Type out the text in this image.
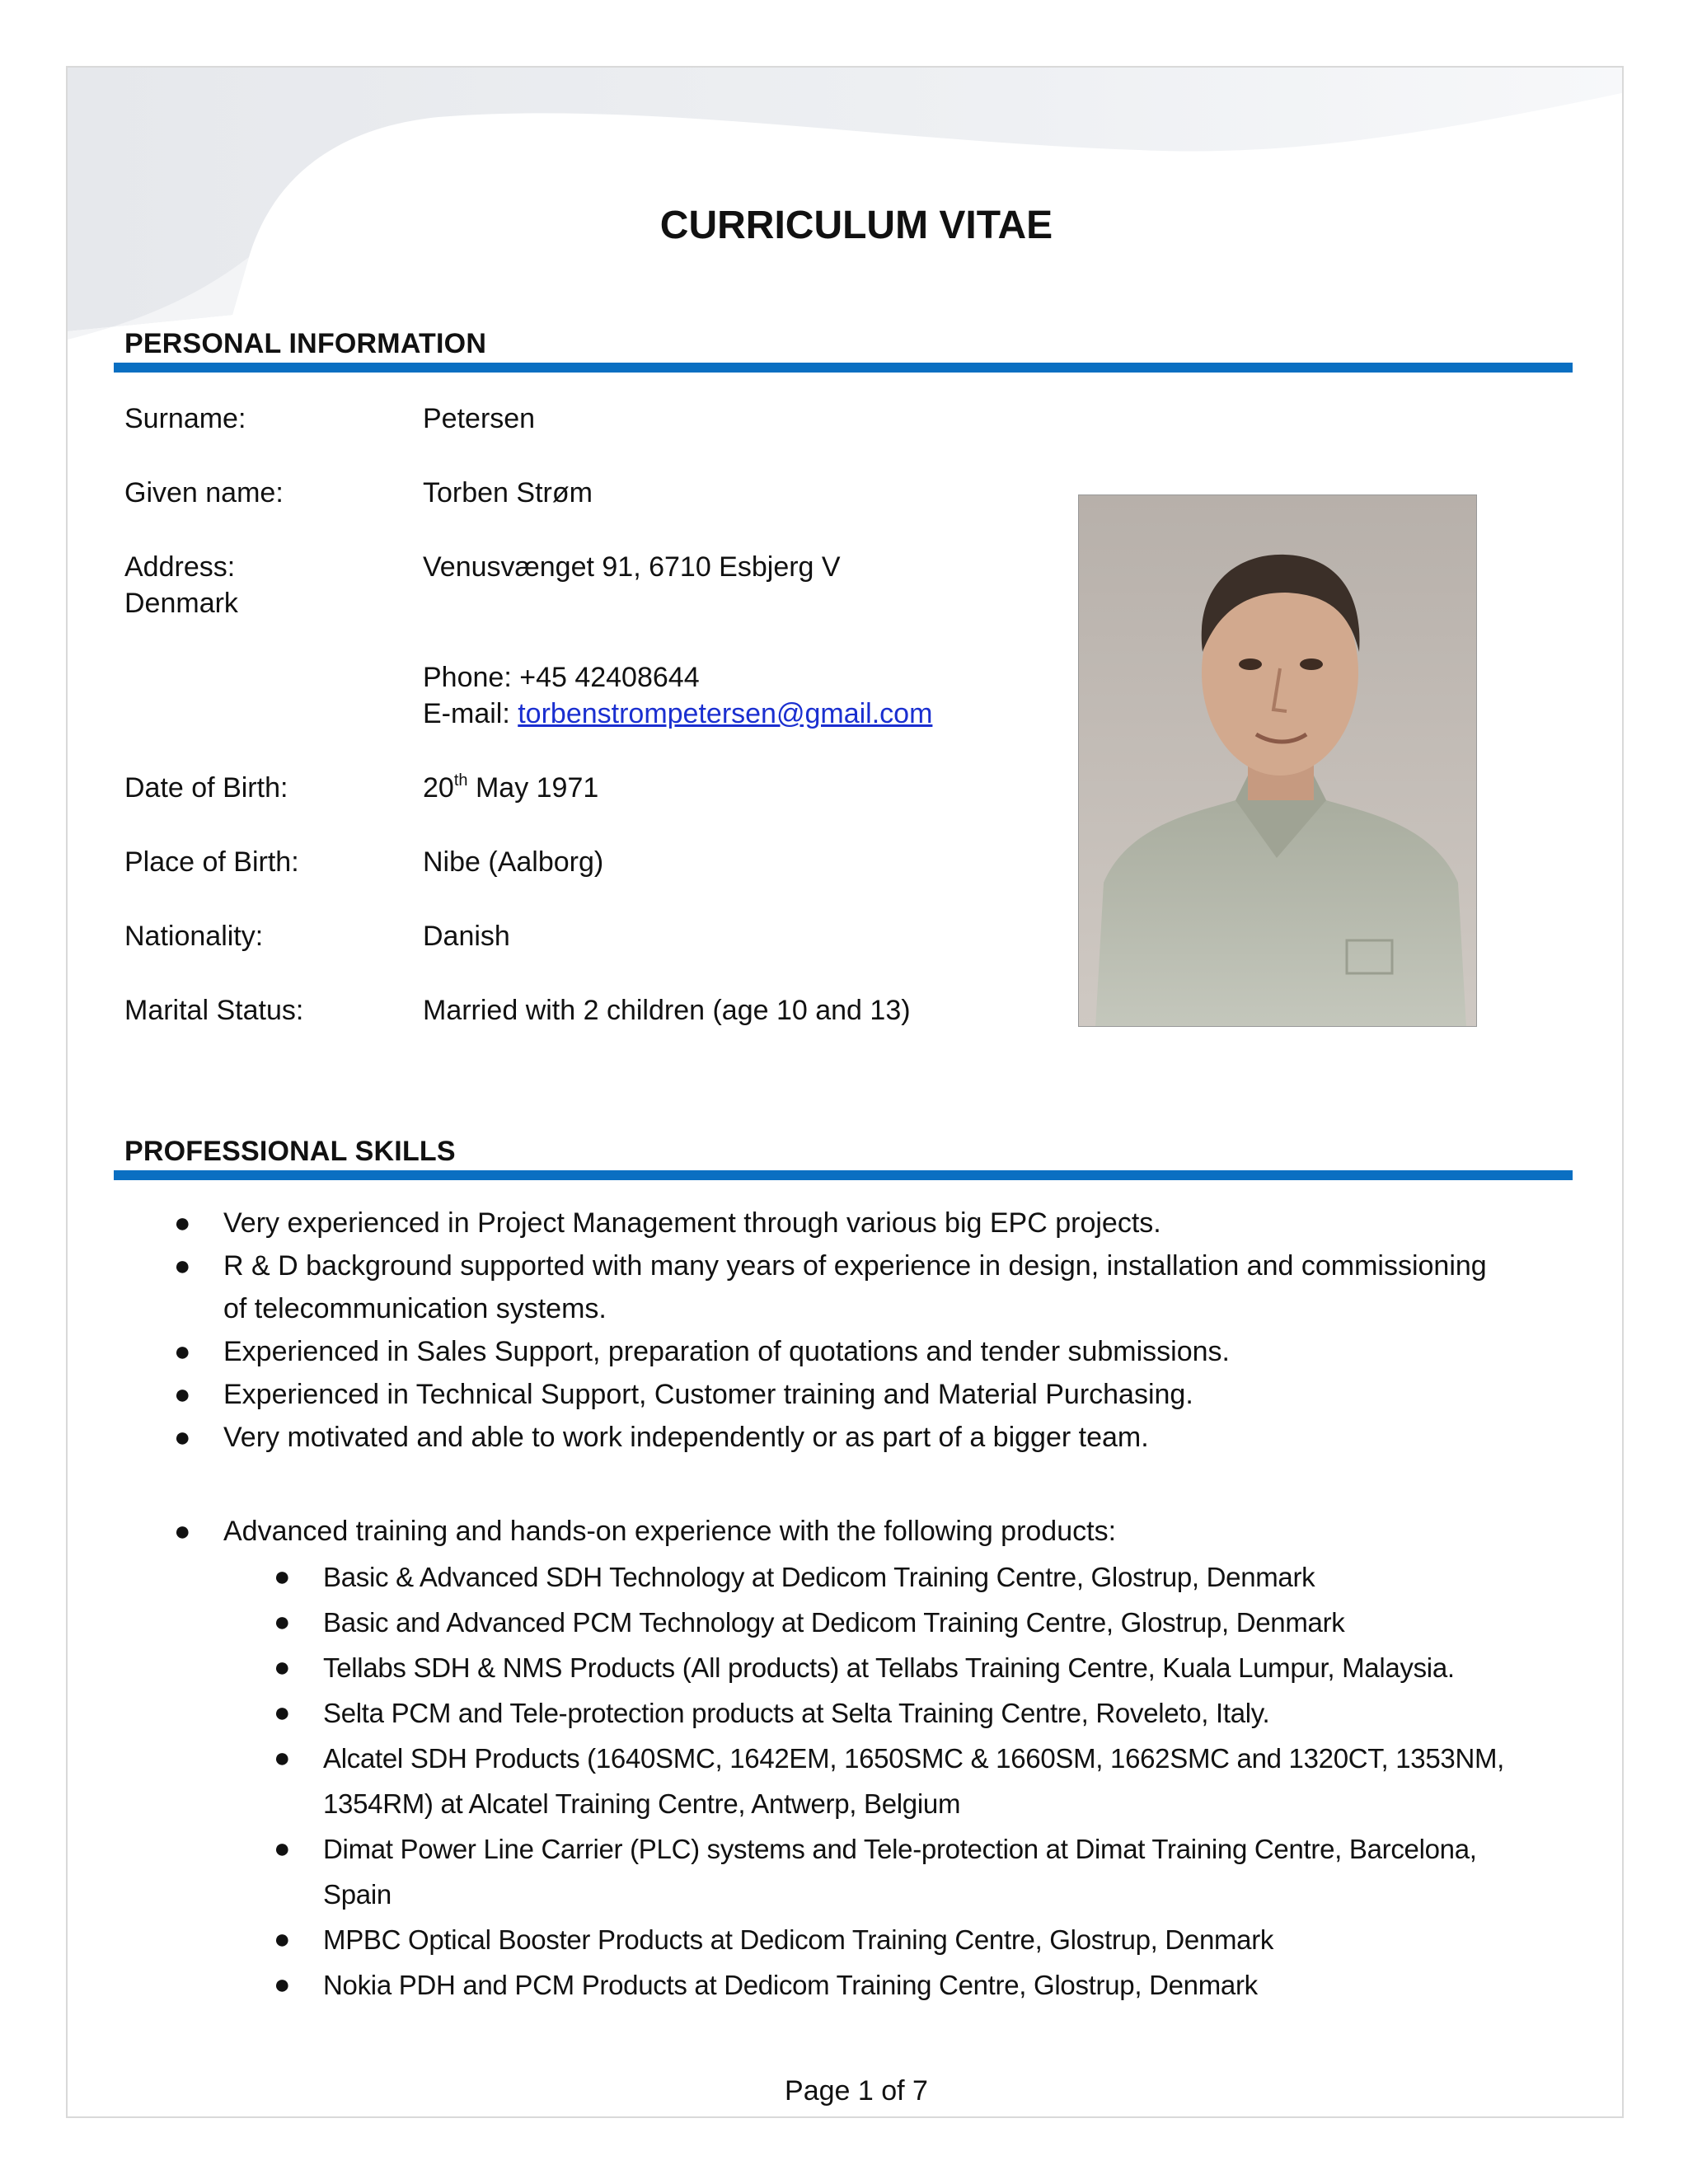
CURRICULUM VITAE
PERSONAL INFORMATION
Surname:	Petersen
Given name:	Torben Strøm
Address:	Venusvænget 91, 6710 Esbjerg V
Denmark
Phone: +45 42408644
E-mail: torbenstrompetersen@gmail.com
Date of Birth:	20th May 1971
Place of Birth:	Nibe (Aalborg)
Nationality:	Danish
Marital Status:	Married with 2 children (age 10 and 13)
PROFESSIONAL SKILLS
● Very experienced in Project Management through various big EPC projects.
● R & D background supported with many years of experience in design, installation and commissioning
of telecommunication systems.
● Experienced in Sales Support, preparation of quotations and tender submissions.
● Experienced in Technical Support, Customer training and Material Purchasing.
● Very motivated and able to work independently or as part of a bigger team.
● Advanced training and hands-on experience with the following products:
● Basic & Advanced SDH Technology at Dedicom Training Centre, Glostrup, Denmark
● Basic and Advanced PCM Technology at Dedicom Training Centre, Glostrup, Denmark
● Tellabs SDH & NMS Products (All products) at Tellabs Training Centre, Kuala Lumpur, Malaysia.
● Selta PCM and Tele-protection products at Selta Training Centre, Roveleto, Italy.
● Alcatel SDH Products (1640SMC, 1642EM, 1650SMC & 1660SM, 1662SMC and 1320CT, 1353NM,
1354RM) at Alcatel Training Centre, Antwerp, Belgium
● Dimat Power Line Carrier (PLC) systems and Tele-protection at Dimat Training Centre, Barcelona,
Spain
● MPBC Optical Booster Products at Dedicom Training Centre, Glostrup, Denmark
● Nokia PDH and PCM Products at Dedicom Training Centre, Glostrup, Denmark
Page 1 of 7
